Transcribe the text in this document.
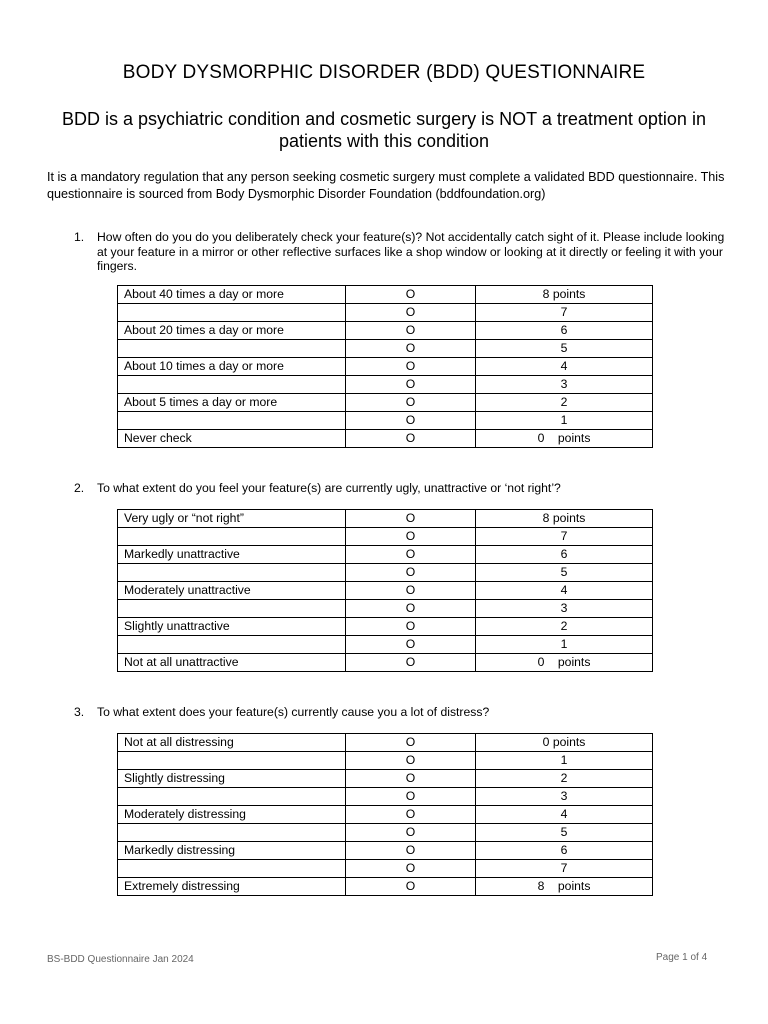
BODY DYSMORPHIC DISORDER (BDD) QUESTIONNAIRE
BDD is a psychiatric condition and cosmetic surgery is NOT a treatment option in patients with this condition
It is a mandatory regulation that any person seeking cosmetic surgery must complete a validated BDD questionnaire. This questionnaire is sourced from Body Dysmorphic Disorder Foundation (bddfoundation.org)
1.	How often do you do you deliberately check your feature(s)? Not accidentally catch sight of it. Please include looking at your feature in a mirror or other reflective surfaces like a shop window or looking at it directly or feeling it with your fingers.
About 40 times a day or more	O	8 points
	O	7
About 20 times a day or more	O	6
	O	5
About 10 times a day or more	O	4
	O	3
About 5 times a day or more	O	2
	O	1
Never check	O	0    points
2.	To what extent do you feel your feature(s) are currently ugly, unattractive or ‘not right’?
Very ugly or “not right”	O	8 points
	O	7
Markedly unattractive	O	6
	O	5
Moderately unattractive	O	4
	O	3
Slightly unattractive	O	2
	O	1
Not at all unattractive	O	0    points
3.	To what extent does your feature(s) currently cause you a lot of distress?
Not at all distressing	O	0 points
	O	1
Slightly distressing	O	2
	O	3
Moderately distressing	O	4
	O	5
Markedly distressing	O	6
	O	7
Extremely distressing	O	8    points
BS-BDD Questionnaire Jan 2024	Page 1 of 4
